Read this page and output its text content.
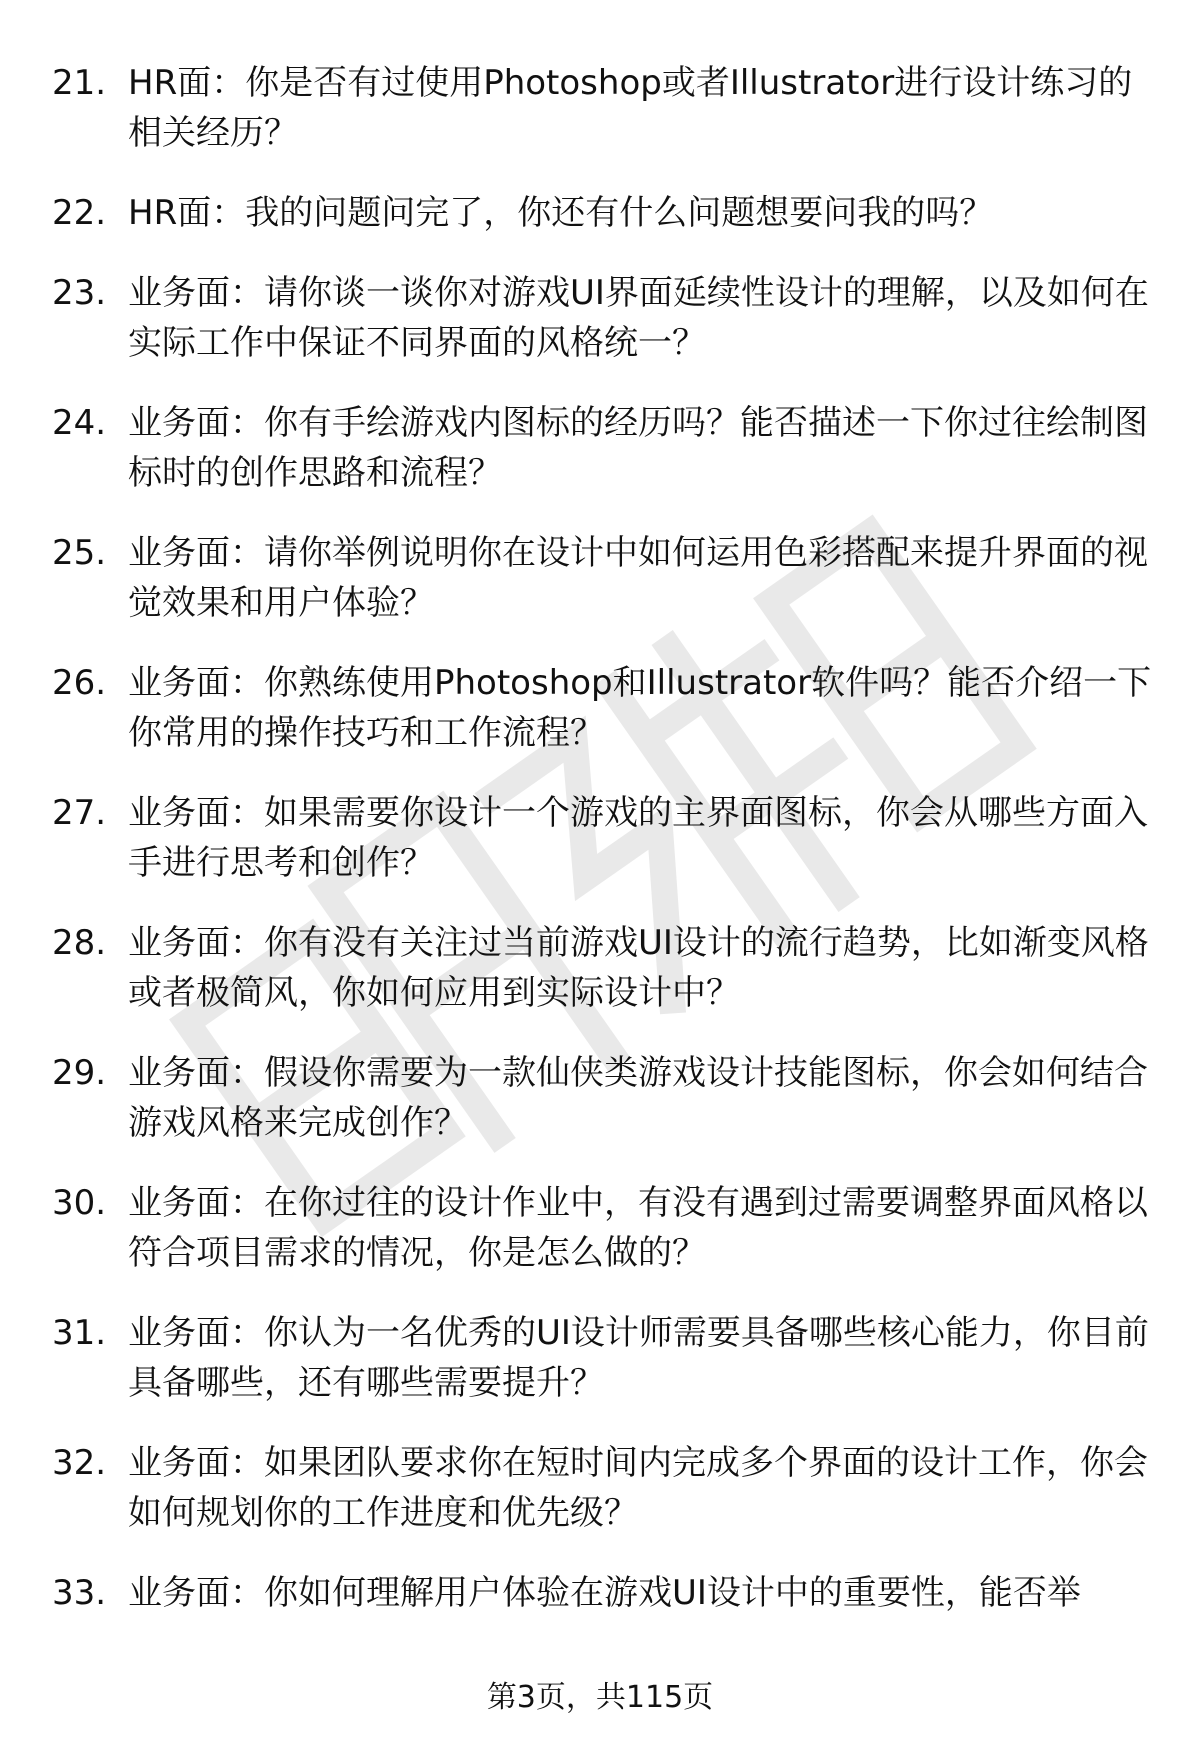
21. HR面：你是否有过使用Photoshop或者Illustrator进行设计练习的相关经历？
22. HR面：我的问题问完了，你还有什么问题想要问我的吗？
23. 业务面：请你谈一谈你对游戏UI界面延续性设计的理解，以及如何在实际工作中保证不同界面的风格统一？
24. 业务面：你有手绘游戏内图标的经历吗？能否描述一下你过往绘制图标时的创作思路和流程？
25. 业务面：请你举例说明你在设计中如何运用色彩搭配来提升界面的视觉效果和用户体验？
26. 业务面：你熟练使用Photoshop和Illustrator软件吗？能否介绍一下你常用的操作技巧和工作流程？
27. 业务面：如果需要你设计一个游戏的主界面图标，你会从哪些方面入手进行思考和创作？
28. 业务面：你有没有关注过当前游戏UI设计的流行趋势，比如渐变风格或者极简风，你如何应用到实际设计中？
29. 业务面：假设你需要为一款仙侠类游戏设计技能图标，你会如何结合游戏风格来完成创作？
30. 业务面：在你过往的设计作业中，有没有遇到过需要调整界面风格以符合项目需求的情况，你是怎么做的？
31. 业务面：你认为一名优秀的UI设计师需要具备哪些核心能力，你目前具备哪些，还有哪些需要提升？
32. 业务面：如果团队要求你在短时间内完成多个界面的设计工作，你会如何规划你的工作进度和优先级？
33. 业务面：你如何理解用户体验在游戏UI设计中的重要性，能否举
第3页，共115页
